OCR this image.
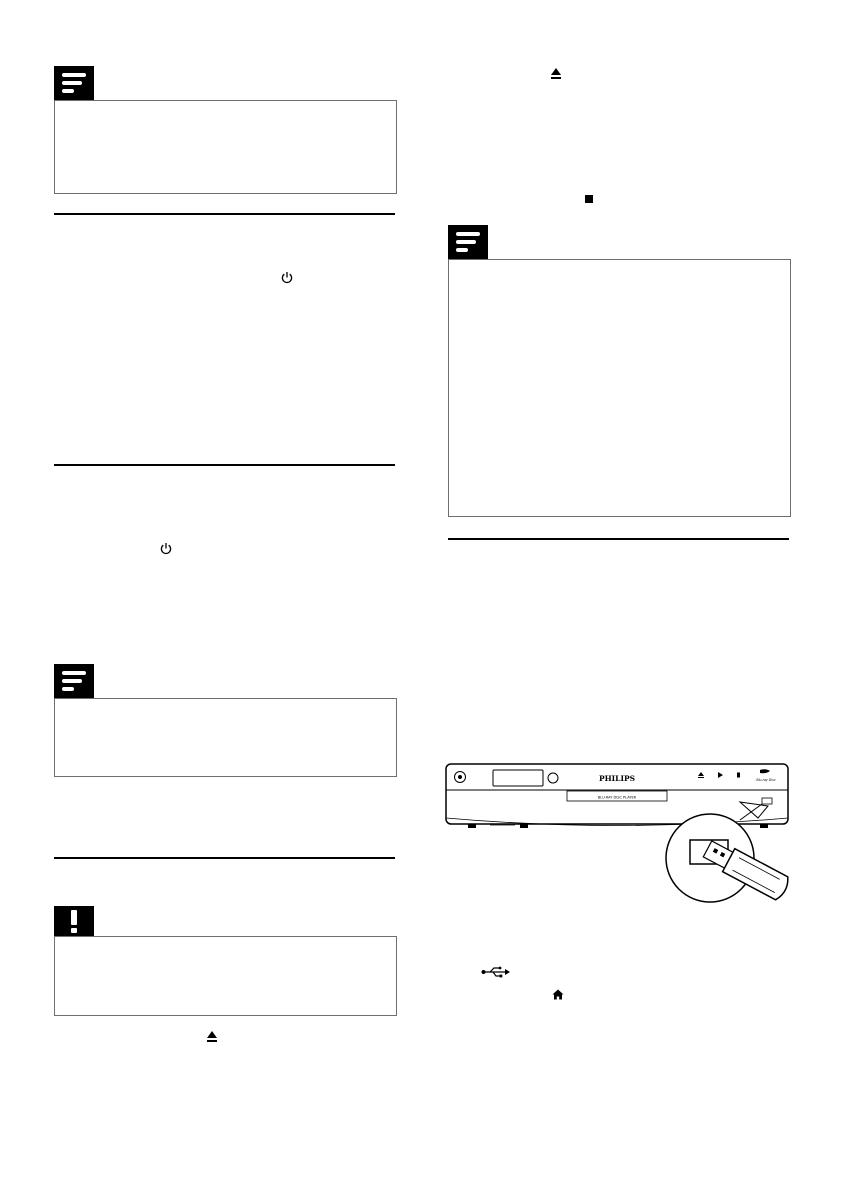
BLU-RAY DISC PLAYER
PHILIPS	Blu-ray Disc
